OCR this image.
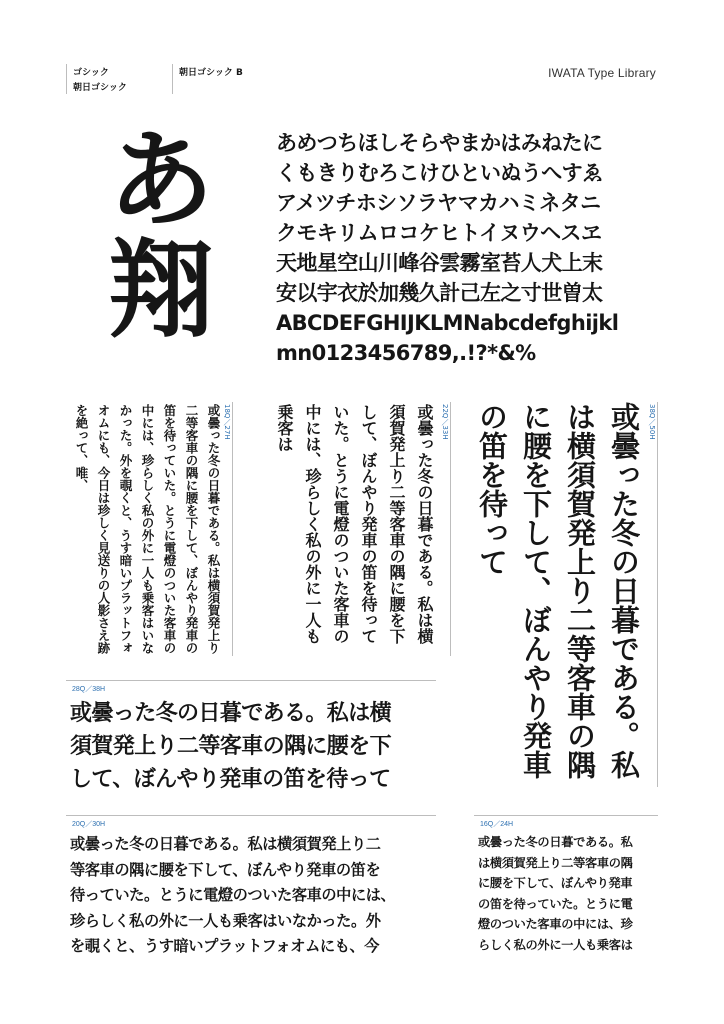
ゴシック
朝日ゴシック
朝日ゴシック B	IWATA Type Library
あ
翔
あめつちほしそらやまかはみねたに
くもきりむろこけひといぬうへすゑ
アメツチホシソラヤマカハミネタニ
クモキリムロコケヒトイヌウヘスヱ
天地星空山川峰谷雲霧室苔人犬上末
安以宇衣於加幾久計己左之寸世曽太
ABCDEFGHIJKLMNabcdefghijkl
mn0123456789,.!?*&%
18Q／27H
或曇った冬の日暮である。私は横須賀発上り二等客車の隅に腰を下して、ぼんやり発車の笛を待っていた。とうに電燈のついた客車の中には、珍らしく私の外に一人も乗客はいなかった。外を覗くと、うす暗いプラットフォオムにも、今日は珍しく見送りの人影さえ跡を絶って、唯、	22Q／33H
或曇った冬の日暮である。私は横須賀発上り二等客車の隅に腰を下して、ぼんやり発車の笛を待っていた。とうに電燈のついた客車の中には、珍らしく私の外に一人も乗客は	38Q／50H
或曇った冬の日暮である。私は横須賀発上り二等客車の隅に腰を下して、ぼんやり発車の笛を待って
28Q／38H
或曇った冬の日暮である。私は横
須賀発上り二等客車の隅に腰を下
して、ぼんやり発車の笛を待って
20Q／30H
或曇った冬の日暮である。私は横須賀発上り二
等客車の隅に腰を下して、ぼんやり発車の笛を
待っていた。とうに電燈のついた客車の中には、
珍らしく私の外に一人も乗客はいなかった。外
を覗くと、うす暗いプラットフォオムにも、今
16Q／24H
或曇った冬の日暮である。私
は横須賀発上り二等客車の隅
に腰を下して、ぼんやり発車
の笛を待っていた。とうに電
燈のついた客車の中には、珍
らしく私の外に一人も乗客は
